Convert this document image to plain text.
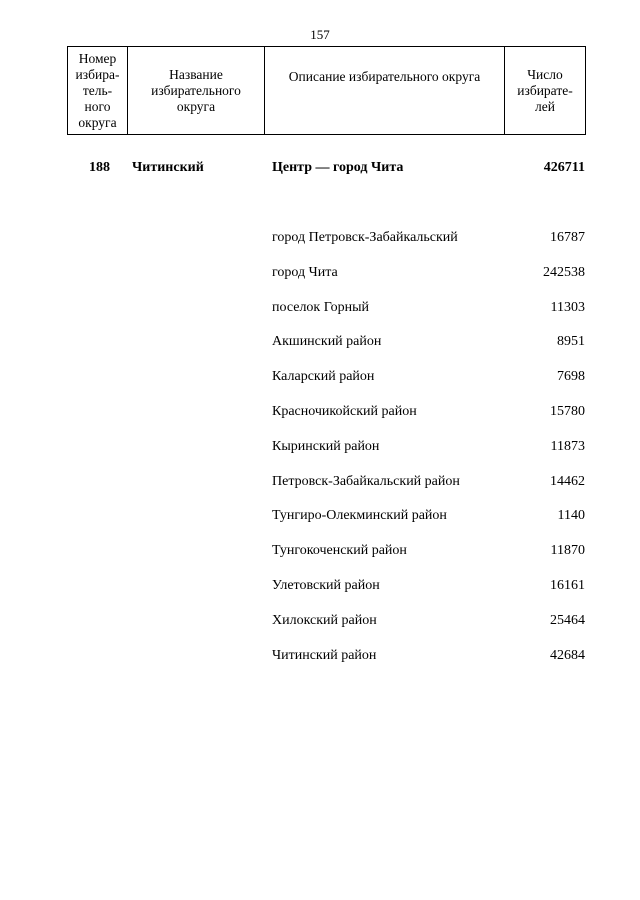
157
Номер
избира-
тель-
ного
округа

Название
избирательного
округа

Описание избирательного округа	Число
избирате-
лей
188 Читинский	Центр — город Чита	426711
город Петровск-Забайкальский	16787
город Чита	242538
поселок Горный	11303
Акшинский район	8951
Каларский район	7698
Красночикойский район	15780
Кыринский район	11873
Петровск-Забайкальский район	14462
Тунгиро-Олекминский район	1140
Тунгокоченский район	11870
Улетовский район	16161
Хилокский район	25464
Читинский район	42684
